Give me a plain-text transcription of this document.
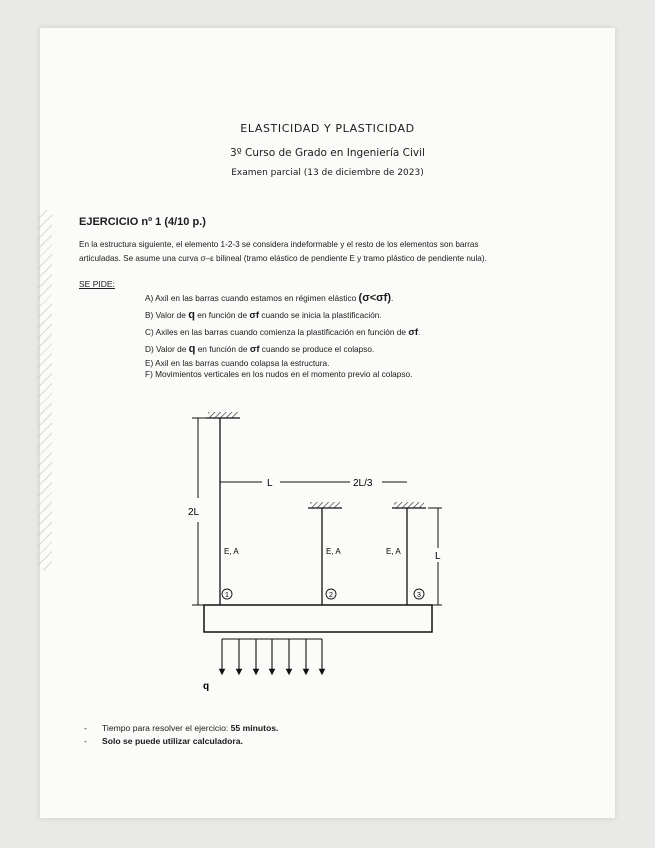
ELASTICIDAD Y PLASTICIDAD

3º Curso de Grado en Ingeniería Civil

Examen parcial (13 de diciembre de 2023)

EJERCICIO nº 1 (4/10 p.)
En la estructura siguiente, el elemento 1-2-3 se considera indeformable y el resto de los elementos son barras
articuladas. Se asume una curva σ–ε bilineal (tramo elástico de pendiente E y tramo plástico de pendiente nula).
SE PIDE:
A) Axil en las barras cuando estamos en régimen elástico (σ<σf).
B) Valor de q en función de σf cuando se inicia la plastificación.
C) Axiles en las barras cuando comienza la plastificación en función de σf.
D) Valor de q en función de σf cuando se produce el colapso.
E) Axil en las barras cuando colapsa la estructura.
F) Movimientos verticales en los nudos en el momento previo al colapso.
2L
L	2L/3
L
E, A	E, A	E, A
1	2	3
q
-	Tiempo para resolver el ejercicio: 55 minutos.
-	Solo se puede utilizar calculadora.
